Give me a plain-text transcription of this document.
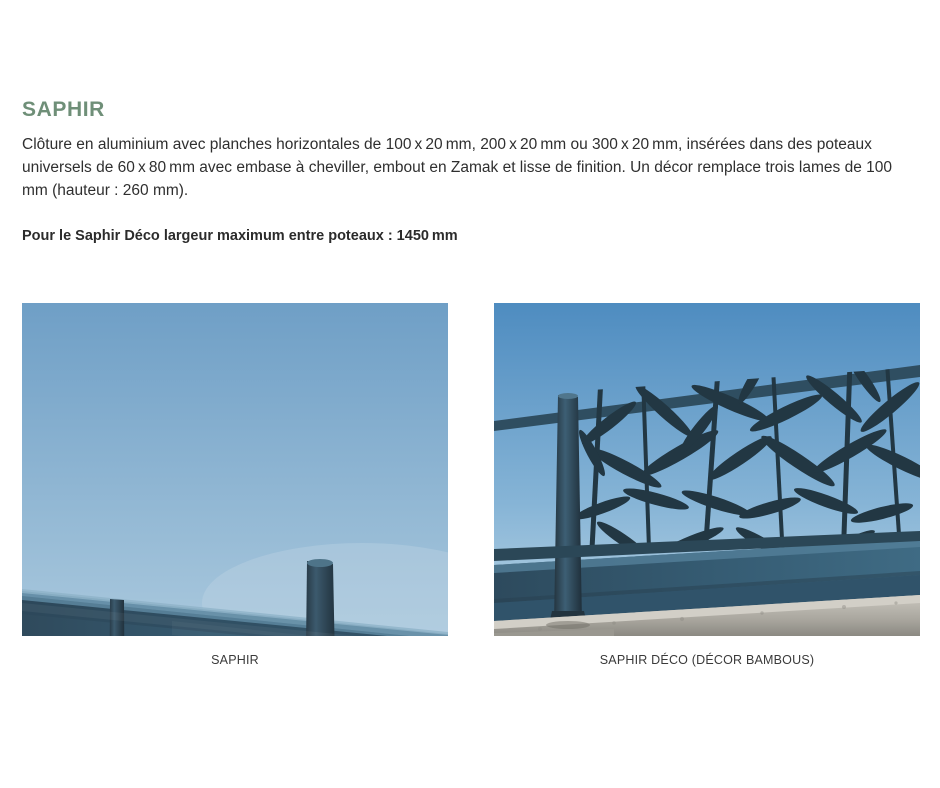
SAPHIR

Clôture en aluminium avec planches horizontales de 100 x 20 mm, 200 x 20 mm ou 300 x 20 mm, insérées dans des poteaux universels de 60 x 80 mm avec embase à cheviller, embout en Zamak et lisse de finition. Un décor remplace trois lames de 100 mm (hauteur : 260 mm).

Pour le Saphir Déco largeur maximum entre poteaux : 1450 mm

SAPHIR	SAPHIR DÉCO (DÉCOR BAMBOUS)
